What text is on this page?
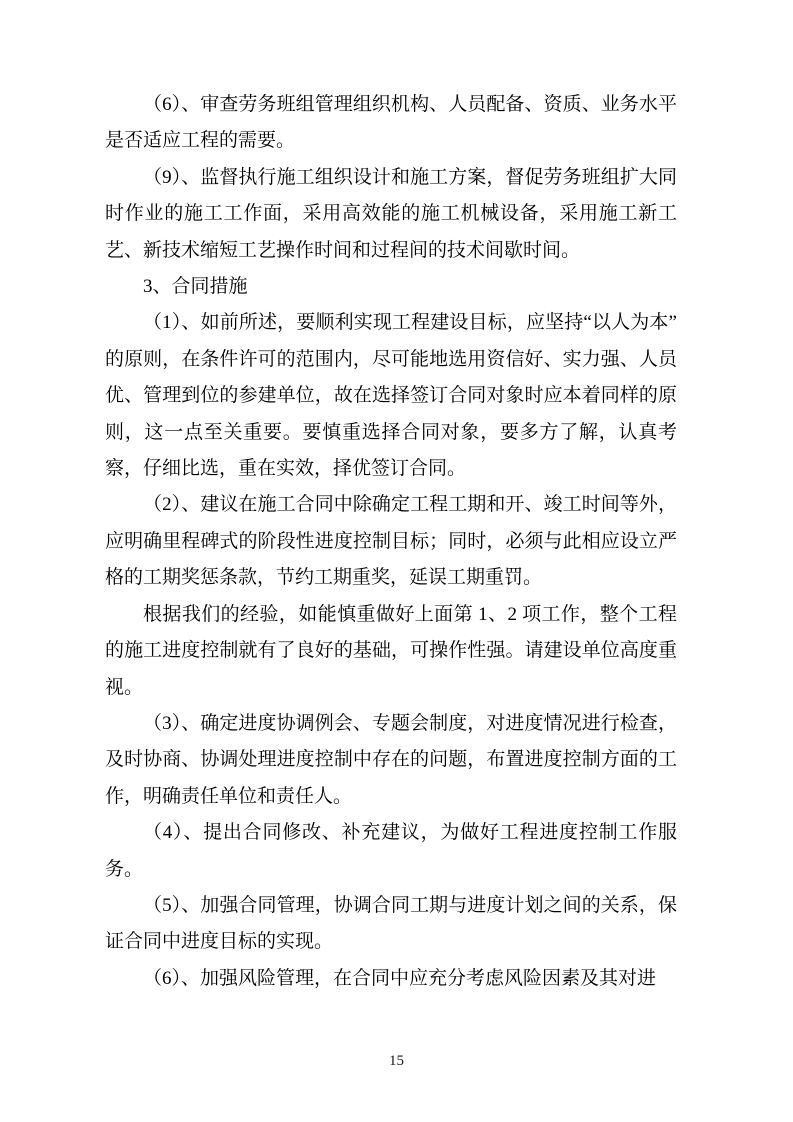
（6）、审查劳务班组管理组织机构、人员配备、资质、业务水平是否适应工程的需要。

（9）、监督执行施工组织设计和施工方案，督促劳务班组扩大同时作业的施工工作面，采用高效能的施工机械设备，采用施工新工艺、新技术缩短工艺操作时间和过程间的技术间歇时间。

3、合同措施

（1）、如前所述，要顺利实现工程建设目标，应坚持“以人为本”的原则，在条件许可的范围内，尽可能地选用资信好、实力强、人员优、管理到位的参建单位，故在选择签订合同对象时应本着同样的原则，这一点至关重要。要慎重选择合同对象，要多方了解，认真考察，仔细比选，重在实效，择优签订合同。

（2）、建议在施工合同中除确定工程工期和开、竣工时间等外，应明确里程碑式的阶段性进度控制目标；同时，必须与此相应设立严格的工期奖惩条款，节约工期重奖，延误工期重罚。

根据我们的经验，如能慎重做好上面第 1、2 项工作，整个工程的施工进度控制就有了良好的基础，可操作性强。请建设单位高度重视。

（3）、确定进度协调例会、专题会制度，对进度情况进行检查，及时协商、协调处理进度控制中存在的问题，布置进度控制方面的工作，明确责任单位和责任人。

（4）、提出合同修改、补充建议，为做好工程进度控制工作服务。

（5）、加强合同管理，协调合同工期与进度计划之间的关系，保证合同中进度目标的实现。

（6）、加强风险管理，在合同中应充分考虑风险因素及其对进

15
